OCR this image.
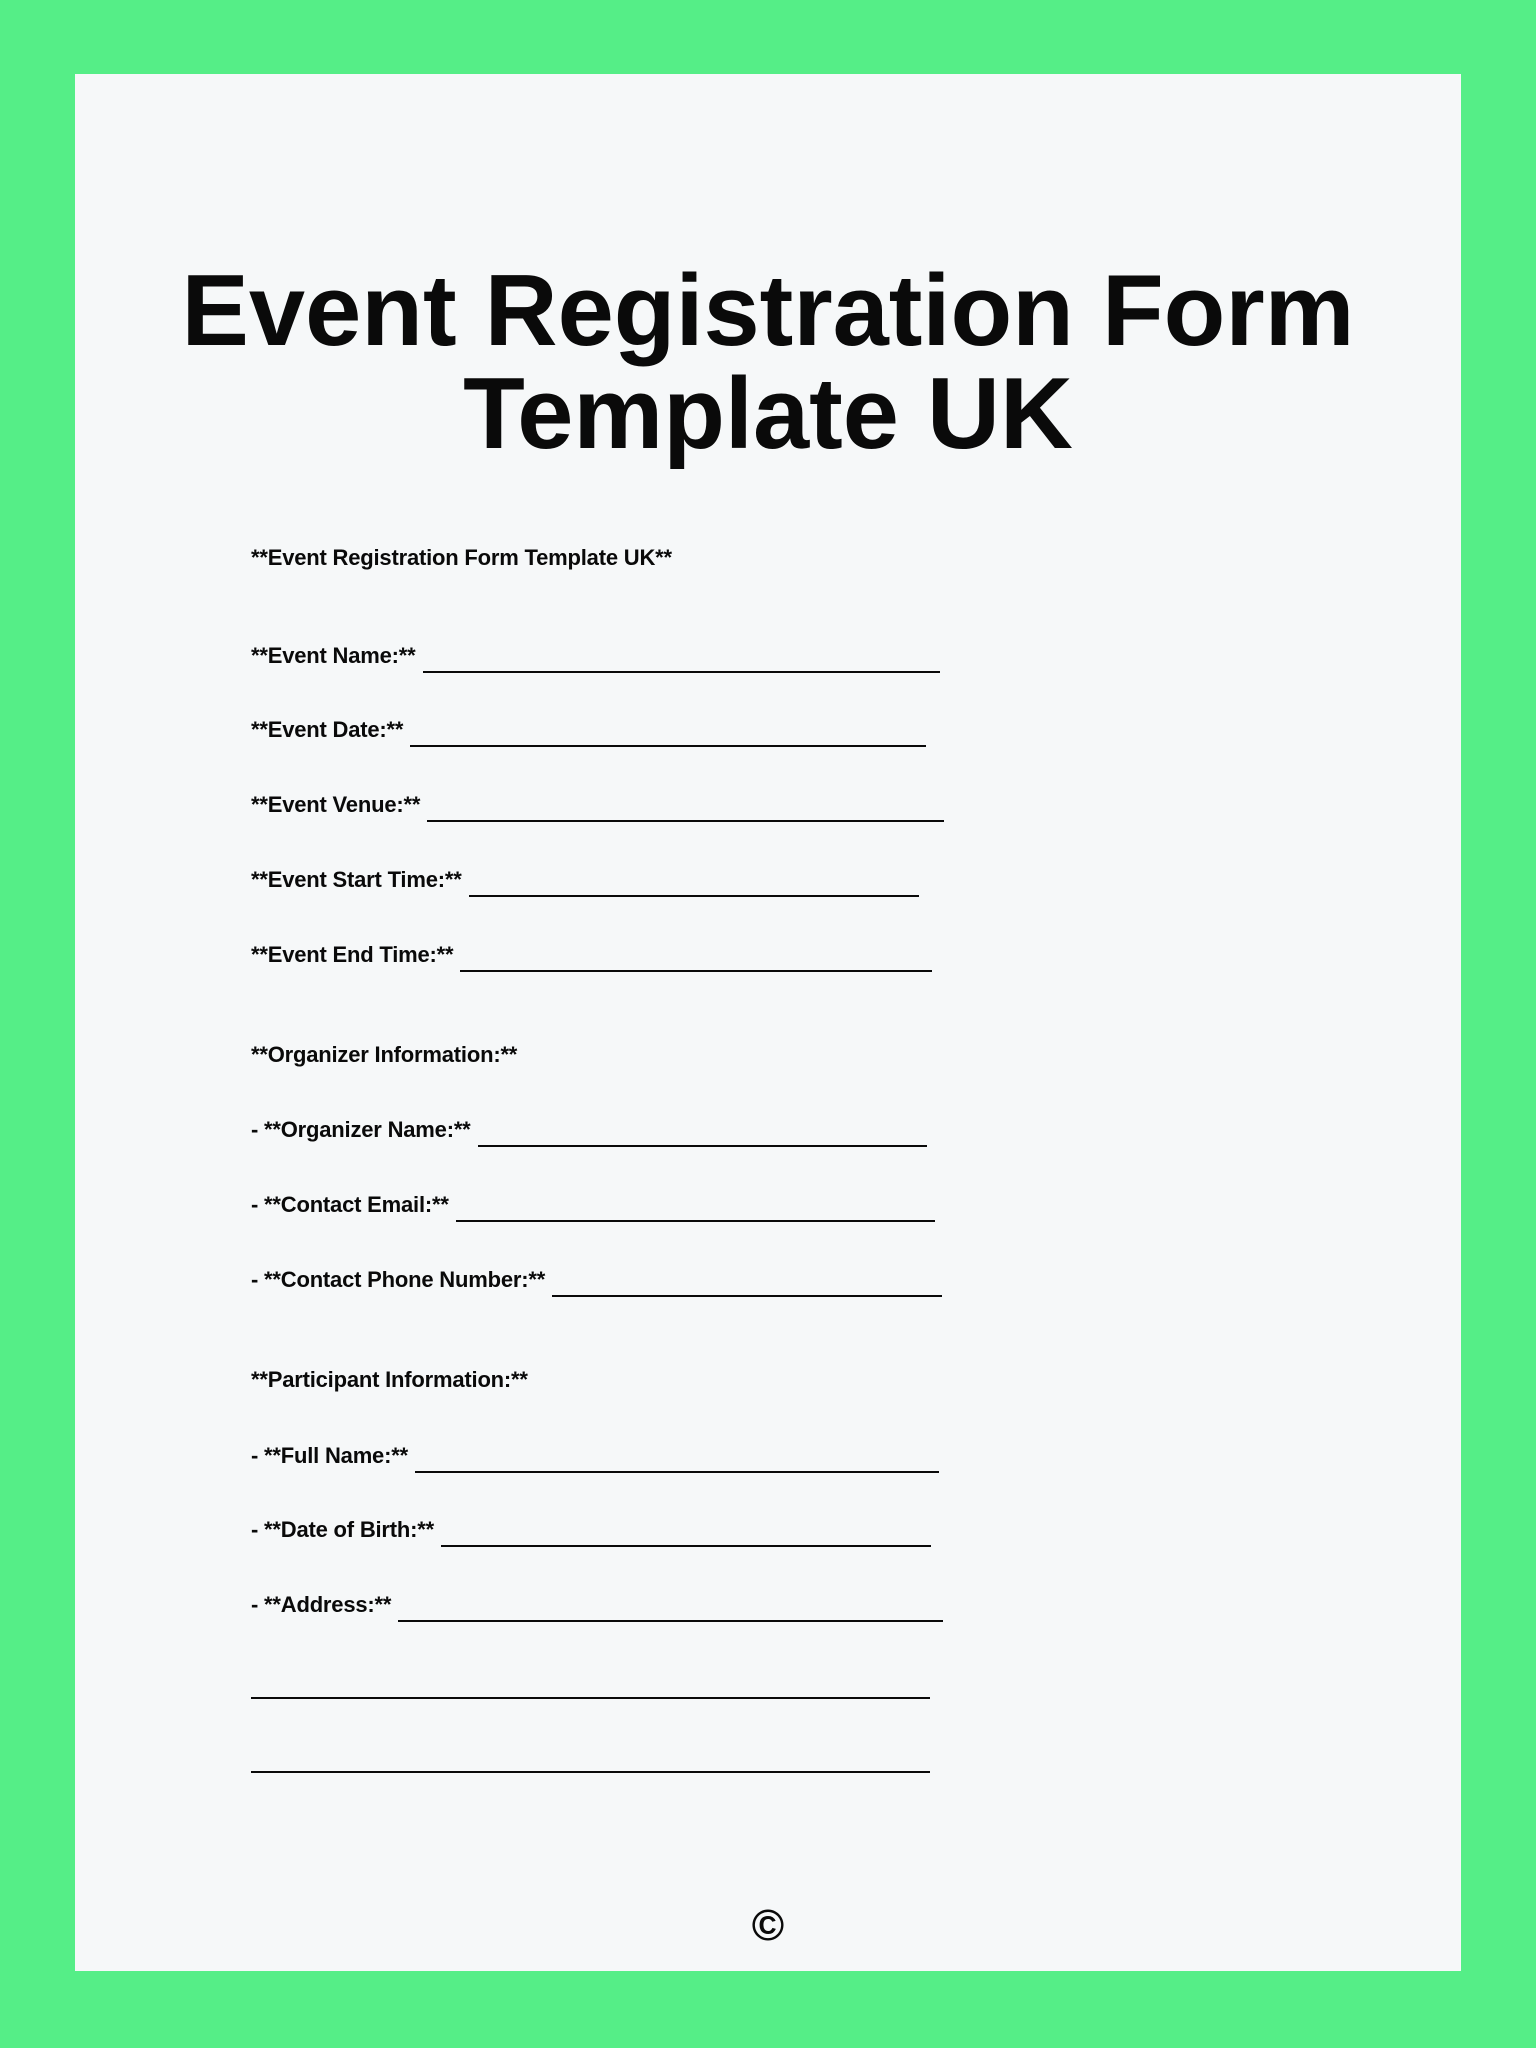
Event Registration Form
Template UK
**Event Registration Form Template UK**
**Event Name:**
**Event Date:**
**Event Venue:**
**Event Start Time:**
**Event End Time:**
**Organizer Information:**
- **Organizer Name:**
- **Contact Email:**
- **Contact Phone Number:**
**Participant Information:**
- **Full Name:**
- **Date of Birth:**
- **Address:**
©
